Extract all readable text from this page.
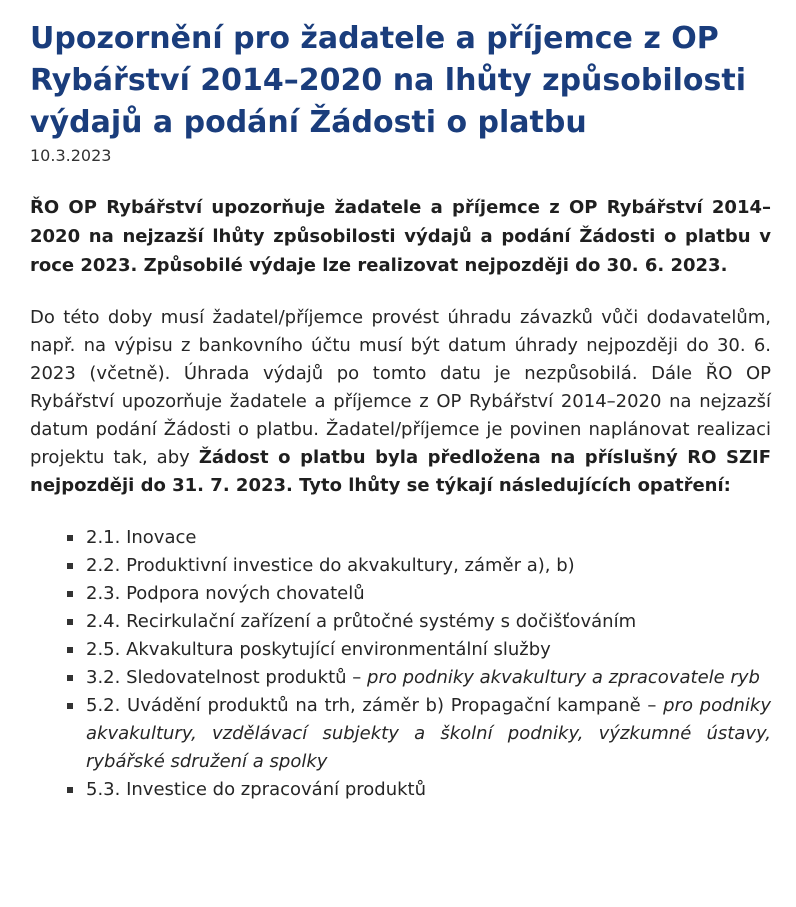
Upozornění pro žadatele a příjemce z OP Rybářství 2014–2020 na lhůty způsobilosti výdajů a podání Žádosti o platbu

10.3.2023

ŘO OP Rybářství upozorňuje žadatele a příjemce z OP Rybářství 2014–2020 na nejzazší lhůty způsobilosti výdajů a podání Žádosti o platbu v roce 2023. Způsobilé výdaje lze realizovat nejpozději do 30. 6. 2023.

Do této doby musí žadatel/příjemce provést úhradu závazků vůči dodavatelům, např. na výpisu z bankovního účtu musí být datum úhrady nejpozději do 30. 6. 2023 (včetně). Úhrada výdajů po tomto datu je nezpůsobilá. Dále ŘO OP Rybářství upozorňuje žadatele a příjemce z OP Rybářství 2014–2020 na nejzazší datum podání Žádosti o platbu. Žadatel/příjemce je povinen naplánovat realizaci projektu tak, aby Žádost o platbu byla předložena na příslušný RO SZIF nejpozději do 31. 7. 2023. Tyto lhůty se týkají následujících opatření:

2.1. Inovace
2.2. Produktivní investice do akvakultury, záměr a), b)
2.3. Podpora nových chovatelů
2.4. Recirkulační zařízení a průtočné systémy s dočišťováním
2.5. Akvakultura poskytující environmentální služby
3.2. Sledovatelnost produktů – pro podniky akvakultury a zpracovatele ryb
5.2. Uvádění produktů na trh, záměr b) Propagační kampaně – pro podniky akvakultury, vzdělávací subjekty a školní podniky, výzkumné ústavy, rybářské sdružení a spolky
5.3. Investice do zpracování produktů
